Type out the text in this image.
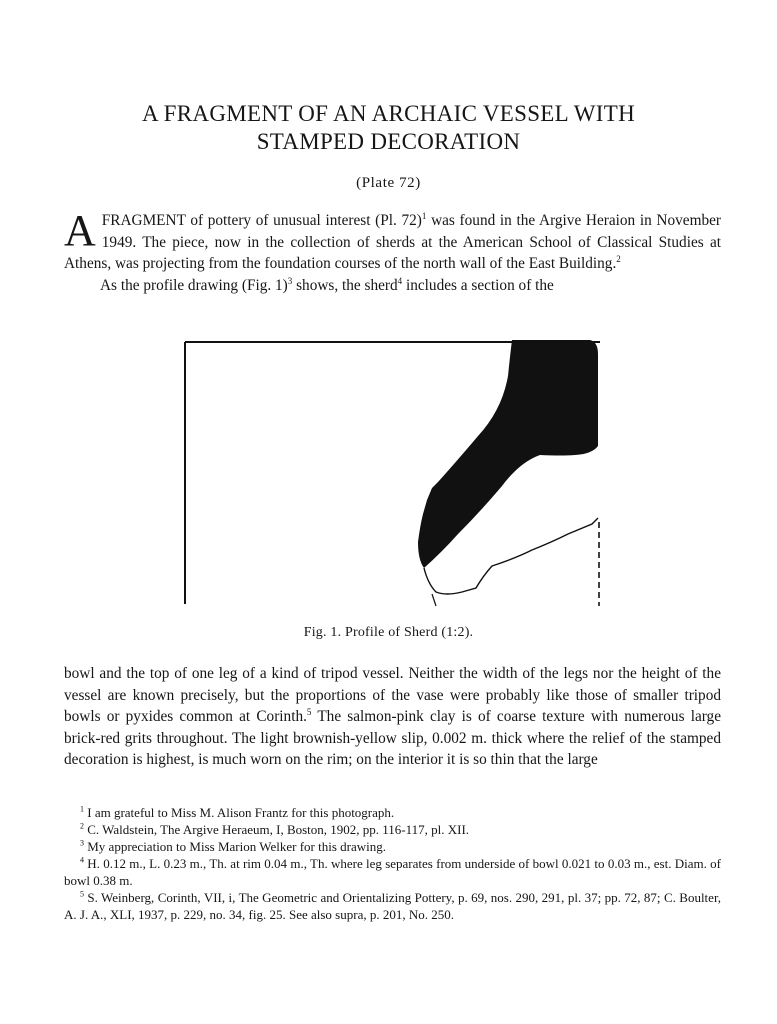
A FRAGMENT OF AN ARCHAIC VESSEL WITH
STAMPED DECORATION
(Plate 72)

A FRAGMENT of pottery of unusual interest (Pl. 72)$^1$ was found in the Argive Heraion in November 1949. The piece, now in the collection of sherds at the American School of Classical Studies at Athens, was projecting from the foundation courses of the north wall of the East Building.$^2$

As the profile drawing (Fig. 1)$^3$ shows, the sherd$^4$ includes a section of the

Fig. 1. Profile of Sherd (1:2).

bowl and the top of one leg of a kind of tripod vessel. Neither the width of the legs nor the height of the vessel are known precisely, but the proportions of the vase were probably like those of smaller tripod bowls or pyxides common at Corinth.$^5$ The salmon-pink clay is of coarse texture with numerous large brick-red grits throughout. The light brownish-yellow slip, 0.002 m. thick where the relief of the stamped decoration is highest, is much worn on the rim; on the interior it is so thin that the large

$^1$ I am grateful to Miss M. Alison Frantz for this photograph.

$^2$ C. Waldstein, The Argive Heraeum, I, Boston, 1902, pp. 116-117, pl. XII.

$^3$ My appreciation to Miss Marion Welker for this drawing.

$^4$ H. 0.12 m., L. 0.23 m., Th. at rim 0.04 m., Th. where leg separates from underside of bowl 0.021 to 0.03 m., est. Diam. of bowl 0.38 m.

$^5$ S. Weinberg, Corinth, VII, i, The Geometric and Orientalizing Pottery, p. 69, nos. 290, 291, pl. 37; pp. 72, 87; C. Boulter, A. J. A., XLI, 1937, p. 229, no. 34, fig. 25. See also supra, p. 201, No. 250.
